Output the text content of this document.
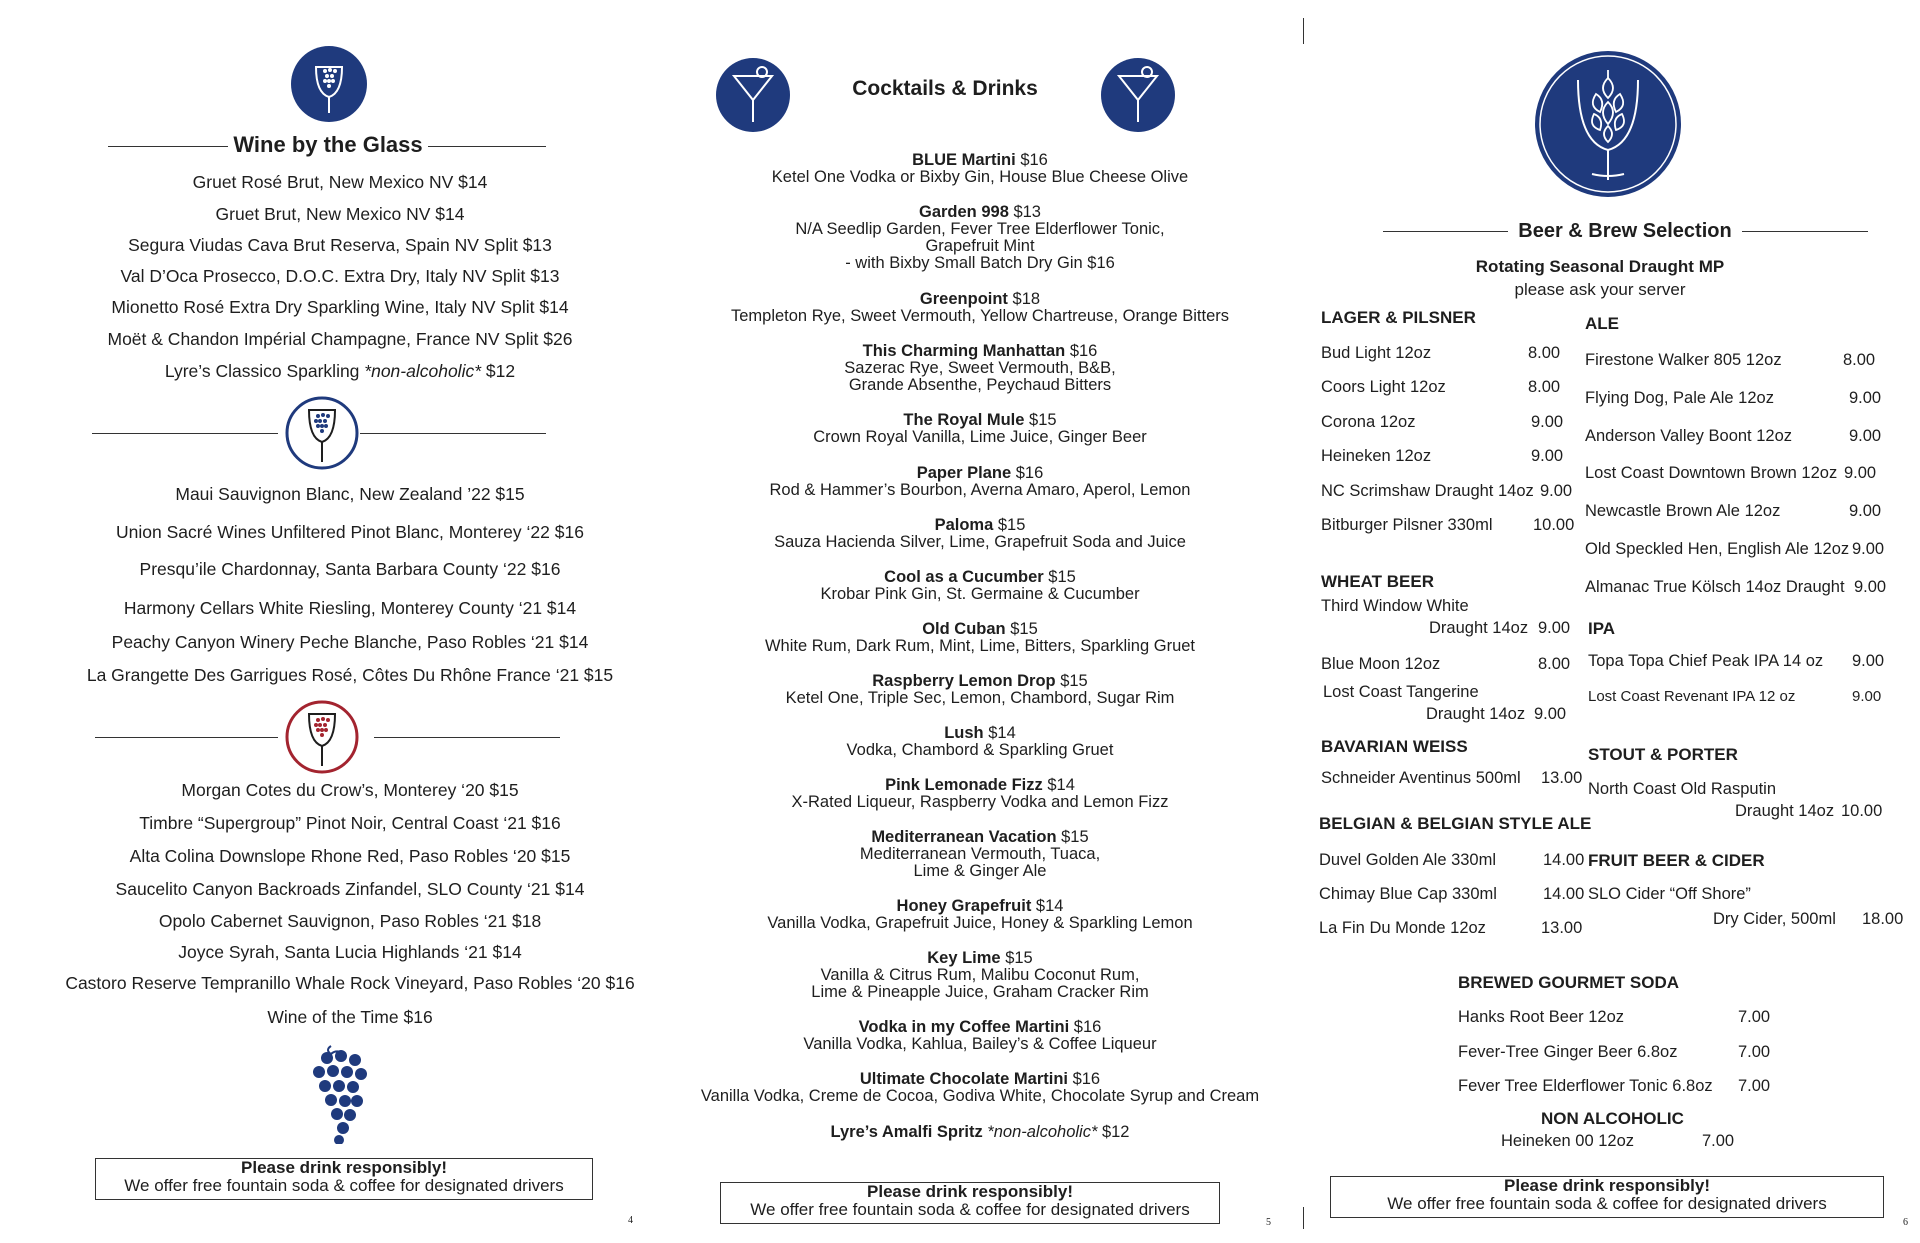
Wine by the Glass
Gruet Rosé Brut, New Mexico NV $14
Gruet Brut, New Mexico NV $14
Segura Viudas Cava Brut Reserva, Spain NV Split $13
Val D’Oca Prosecco, D.O.C. Extra Dry, Italy NV Split $13
Mionetto Rosé Extra Dry Sparkling Wine, Italy NV Split $14
Moët & Chandon Impérial Champagne, France NV Split $26
Lyre’s Classico Sparkling *non-alcoholic* $12
Maui Sauvignon Blanc, New Zealand ’22 $15
Union Sacré Wines Unfiltered Pinot Blanc, Monterey ‘22 $16
Presqu’ile Chardonnay, Santa Barbara County ‘22 $16
Harmony Cellars White Riesling, Monterey County ‘21 $14
Peachy Canyon Winery Peche Blanche, Paso Robles ‘21 $14
La Grangette Des Garrigues Rosé, Côtes Du Rhône France ‘21 $15
Morgan Cotes du Crow’s, Monterey ‘20 $15
Timbre “Supergroup” Pinot Noir, Central Coast ‘21 $16
Alta Colina Downslope Rhone Red, Paso Robles ‘20 $15
Saucelito Canyon Backroads Zinfandel, SLO County ‘21 $14
Opolo Cabernet Sauvignon, Paso Robles ‘21 $18
Joyce Syrah, Santa Lucia Highlands ‘21 $14
Castoro Reserve Tempranillo Whale Rock Vineyard, Paso Robles ‘20 $16
Wine of the Time $16
Please drink responsibly!
We offer free fountain soda & coffee for designated drivers
4
Cocktails & Drinks
BLUE Martini $16
Ketel One Vodka or Bixby Gin, House Blue Cheese Olive
Garden 998 $13
N/A Seedlip Garden, Fever Tree Elderflower Tonic,
Grapefruit Mint
- with Bixby Small Batch Dry Gin $16
Greenpoint $18
Templeton Rye, Sweet Vermouth, Yellow Chartreuse, Orange Bitters
This Charming Manhattan $16
Sazerac Rye, Sweet Vermouth, B&B,
Grande Absenthe, Peychaud Bitters
The Royal Mule $15
Crown Royal Vanilla, Lime Juice, Ginger Beer
Paper Plane $16
Rod & Hammer’s Bourbon, Averna Amaro, Aperol, Lemon
Paloma $15
Sauza Hacienda Silver, Lime, Grapefruit Soda and Juice
Cool as a Cucumber $15
Krobar Pink Gin, St. Germaine & Cucumber
Old Cuban $15
White Rum, Dark Rum, Mint, Lime, Bitters, Sparkling Gruet
Raspberry Lemon Drop $15
Ketel One, Triple Sec, Lemon, Chambord, Sugar Rim
Lush $14
Vodka, Chambord & Sparkling Gruet
Pink Lemonade Fizz $14
X-Rated Liqueur, Raspberry Vodka and Lemon Fizz
Mediterranean Vacation $15
Mediterranean Vermouth, Tuaca,
Lime & Ginger Ale
Honey Grapefruit $14
Vanilla Vodka, Grapefruit Juice, Honey & Sparkling Lemon
Key Lime $15
Vanilla & Citrus Rum, Malibu Coconut Rum,
Lime & Pineapple Juice, Graham Cracker Rim
Vodka in my Coffee Martini $16
Vanilla Vodka, Kahlua, Bailey’s & Coffee Liqueur
Ultimate Chocolate Martini $16
Vanilla Vodka, Creme de Cocoa, Godiva White, Chocolate Syrup and Cream
Lyre’s Amalfi Spritz *non-alcoholic* $12
Please drink responsibly!
We offer free fountain soda & coffee for designated drivers
5
Beer & Brew Selection
Rotating Seasonal Draught MP
please ask your server
LAGER & PILSNER
Bud Light 12oz	8.00
Coors Light 12oz	8.00
Corona 12oz	9.00
Heineken 12oz	9.00
NC Scrimshaw Draught 14oz 9.00
Bitburger Pilsner 330ml 10.00
WHEAT BEER
Third Window White
Draught 14oz 9.00
Blue Moon 12oz	8.00
Lost Coast Tangerine
Draught 14oz 9.00
BAVARIAN WEISS
Schneider Aventinus 500ml 13.00
BELGIAN & BELGIAN STYLE ALE
Duvel Golden Ale 330ml	14.00
Chimay Blue Cap 330ml	14.00
La Fin Du Monde 12oz	13.00
ALE
Firestone Walker 805 12oz	8.00
Flying Dog, Pale Ale 12oz	9.00
Anderson Valley Boont 12oz	9.00
Lost Coast Downtown Brown 12oz 9.00
Newcastle Brown Ale 12oz	9.00
Old Speckled Hen, English Ale 12oz 9.00
Almanac True Kölsch 14oz Draught 9.00
IPA
Topa Topa Chief Peak IPA 14 oz 9.00
Lost Coast Revenant IPA 12 oz	9.00
STOUT & PORTER
North Coast Old Rasputin
Draught 14oz 10.00
FRUIT BEER & CIDER
SLO Cider “Off Shore”
Dry Cider, 500ml 18.00
BREWED GOURMET SODA
Hanks Root Beer 12oz	7.00
Fever-Tree Ginger Beer 6.8oz	7.00
Fever Tree Elderflower Tonic 6.8oz 7.00
NON ALCOHOLIC
Heineken 00 12oz	7.00
Please drink responsibly!
We offer free fountain soda & coffee for designated drivers
6
